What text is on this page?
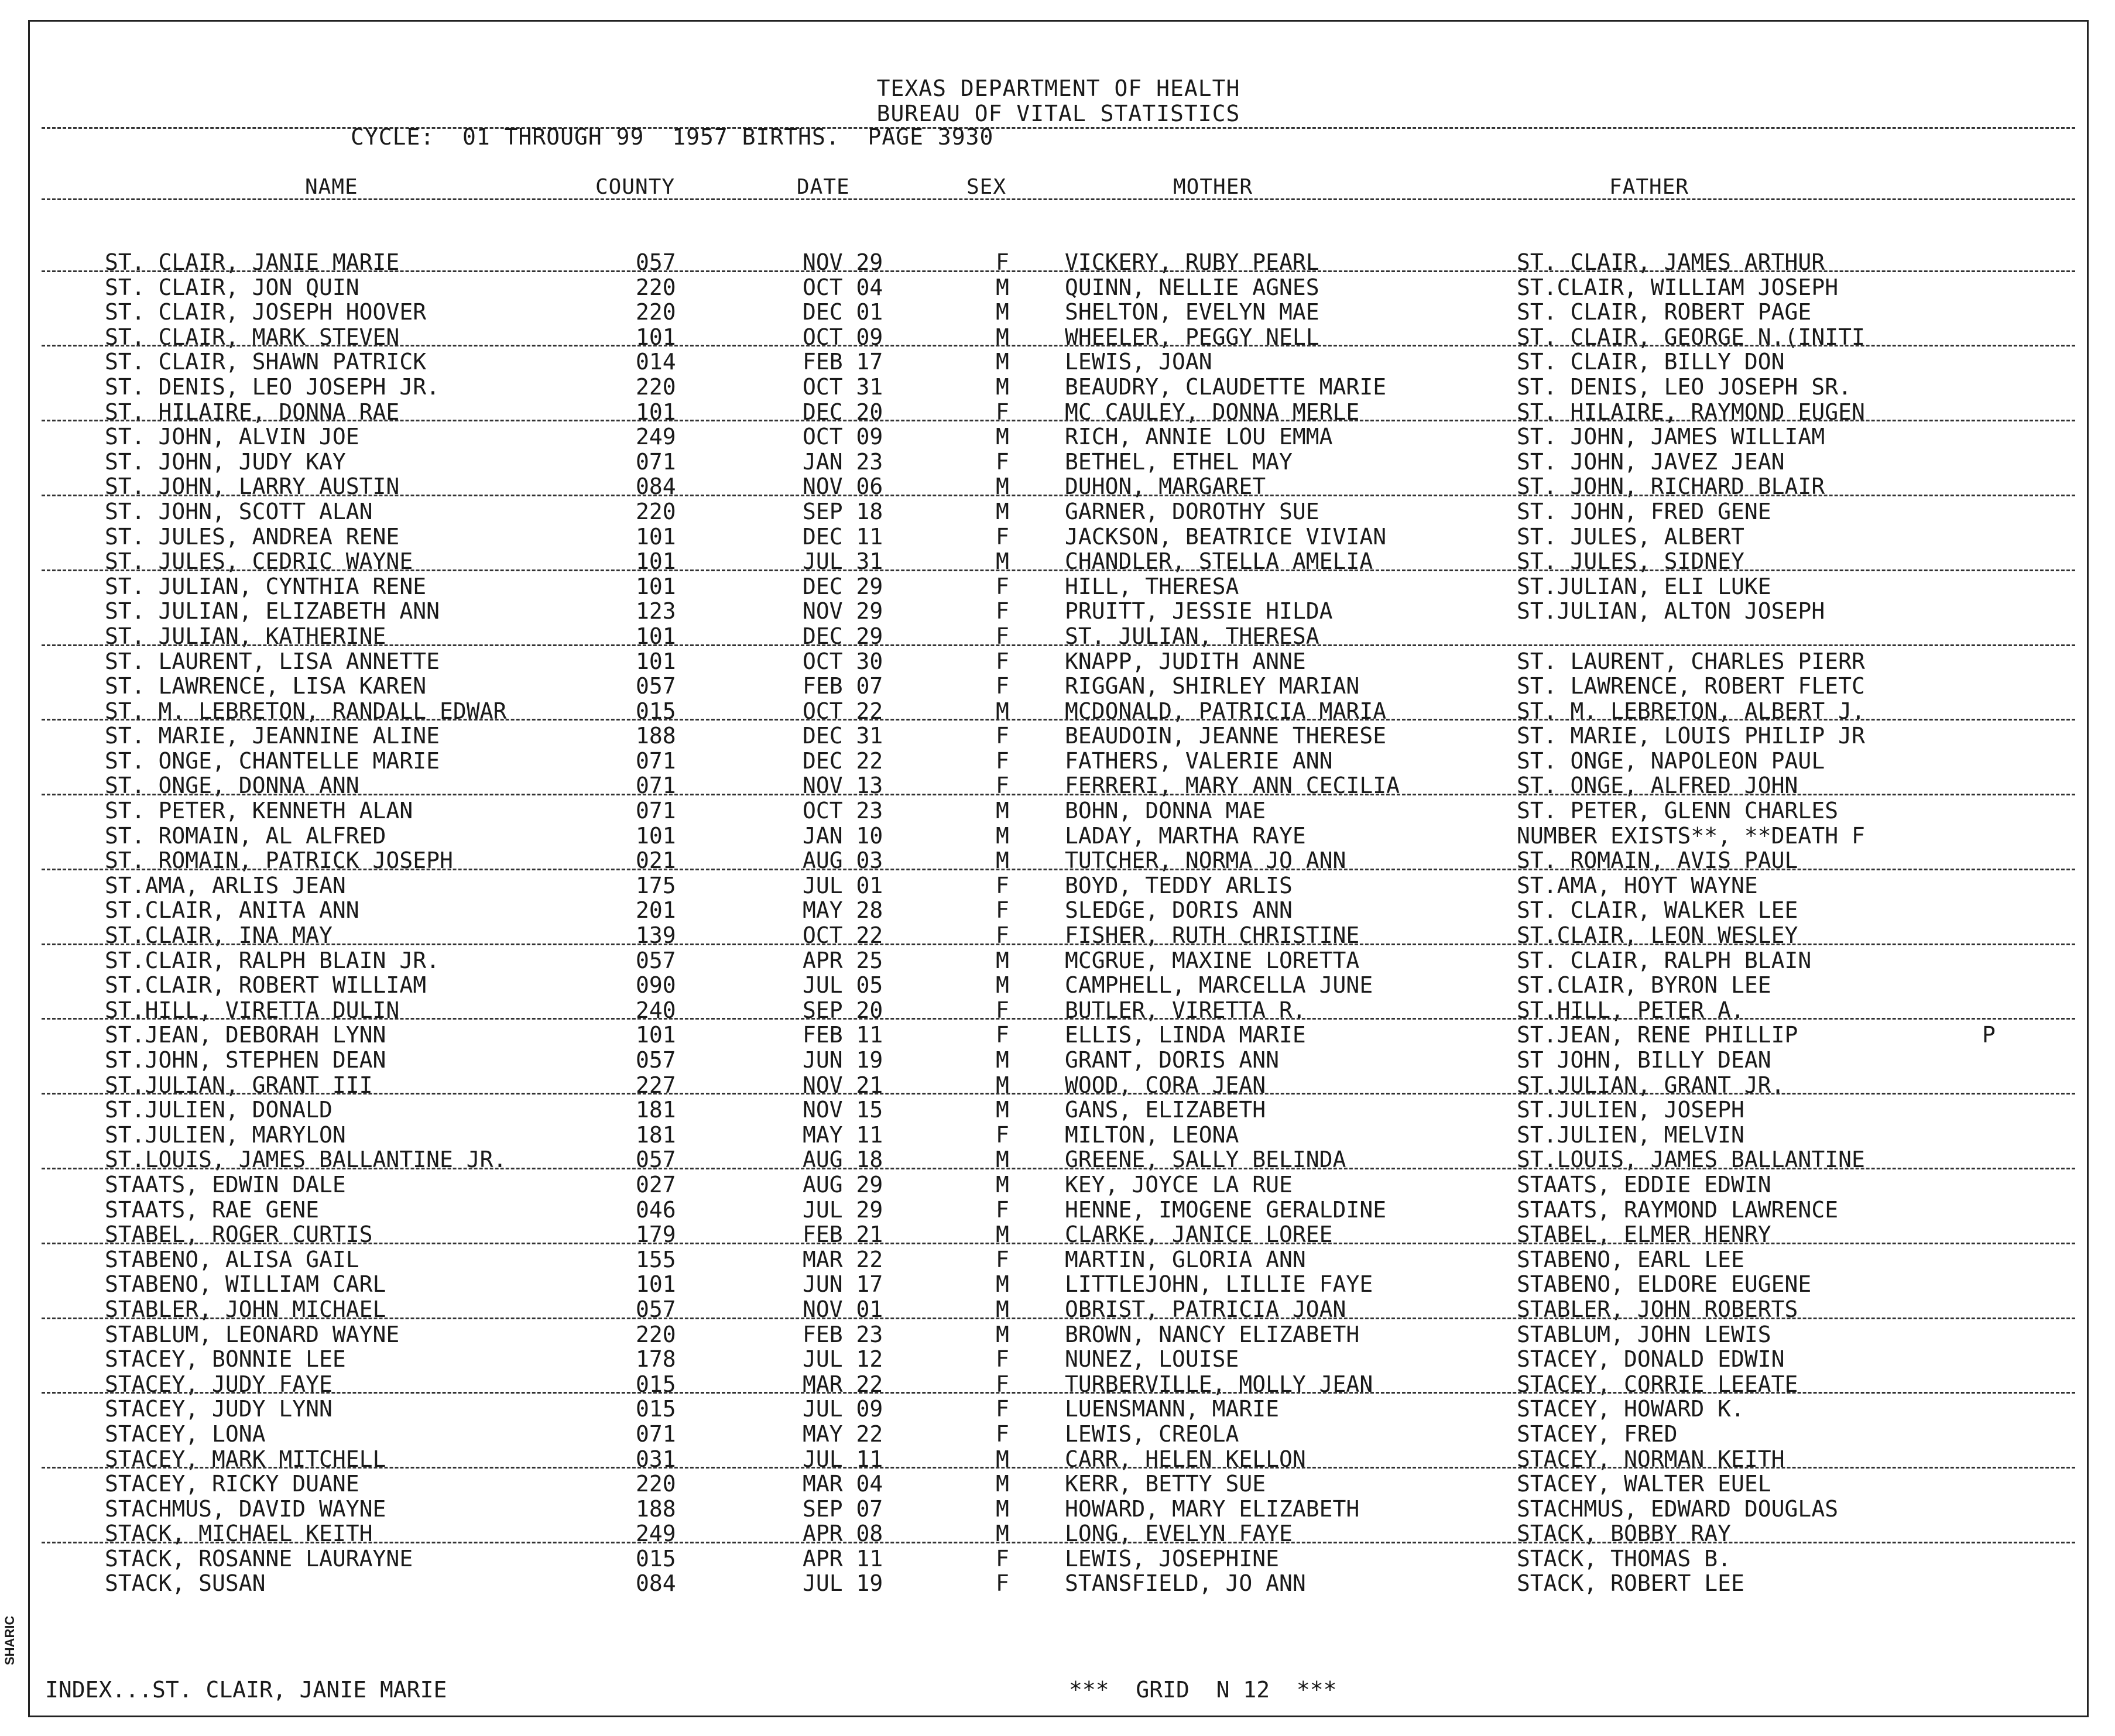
TEXAS DEPARTMENT OF HEALTH
BUREAU OF VITAL STATISTICS
CYCLE:  01 THROUGH 99  1957 BIRTHS.  PAGE 3930
NAME	COUNTY	DATE	SEX	MOTHER	FATHER
ST. CLAIR, JANIE MARIE	057	NOV 29	F	VICKERY, RUBY PEARL	ST. CLAIR, JAMES ARTHUR
ST. CLAIR, JON QUIN	220	OCT 04	M	QUINN, NELLIE AGNES	ST.CLAIR, WILLIAM JOSEPH
ST. CLAIR, JOSEPH HOOVER	220	DEC 01	M	SHELTON, EVELYN MAE	ST. CLAIR, ROBERT PAGE
ST. CLAIR, MARK STEVEN	101	OCT 09	M	WHEELER, PEGGY NELL	ST. CLAIR, GEORGE N.(INITI
ST. CLAIR, SHAWN PATRICK	014	FEB 17	M	LEWIS, JOAN	ST. CLAIR, BILLY DON
ST. DENIS, LEO JOSEPH JR.	220	OCT 31	M	BEAUDRY, CLAUDETTE MARIE	ST. DENIS, LEO JOSEPH SR.
ST. HILAIRE, DONNA RAE	101	DEC 20	F	MC CAULEY, DONNA MERLE	ST. HILAIRE, RAYMOND EUGEN
ST. JOHN, ALVIN JOE	249	OCT 09	M	RICH, ANNIE LOU EMMA	ST. JOHN, JAMES WILLIAM
ST. JOHN, JUDY KAY	071	JAN 23	F	BETHEL, ETHEL MAY	ST. JOHN, JAVEZ JEAN
ST. JOHN, LARRY AUSTIN	084	NOV 06	M	DUHON, MARGARET	ST. JOHN, RICHARD BLAIR
ST. JOHN, SCOTT ALAN	220	SEP 18	M	GARNER, DOROTHY SUE	ST. JOHN, FRED GENE
ST. JULES, ANDREA RENE	101	DEC 11	F	JACKSON, BEATRICE VIVIAN	ST. JULES, ALBERT
ST. JULES, CEDRIC WAYNE	101	JUL 31	M	CHANDLER, STELLA AMELIA	ST. JULES, SIDNEY
ST. JULIAN, CYNTHIA RENE	101	DEC 29	F	HILL, THERESA	ST.JULIAN, ELI LUKE
ST. JULIAN, ELIZABETH ANN	123	NOV 29	F	PRUITT, JESSIE HILDA	ST.JULIAN, ALTON JOSEPH
ST. JULIAN, KATHERINE	101	DEC 29	F	ST. JULIAN, THERESA
ST. LAURENT, LISA ANNETTE	101	OCT 30	F	KNAPP, JUDITH ANNE	ST. LAURENT, CHARLES PIERR
ST. LAWRENCE, LISA KAREN	057	FEB 07	F	RIGGAN, SHIRLEY MARIAN	ST. LAWRENCE, ROBERT FLETC
ST. M. LEBRETON, RANDALL EDWAR	015	OCT 22	M	MCDONALD, PATRICIA MARIA	ST. M. LEBRETON, ALBERT J.
ST. MARIE, JEANNINE ALINE	188	DEC 31	F	BEAUDOIN, JEANNE THERESE	ST. MARIE, LOUIS PHILIP JR
ST. ONGE, CHANTELLE MARIE	071	DEC 22	F	FATHERS, VALERIE ANN	ST. ONGE, NAPOLEON PAUL
ST. ONGE, DONNA ANN	071	NOV 13	F	FERRERI, MARY ANN CECILIA	ST. ONGE, ALFRED JOHN
ST. PETER, KENNETH ALAN	071	OCT 23	M	BOHN, DONNA MAE	ST. PETER, GLENN CHARLES
ST. ROMAIN, AL ALFRED	101	JAN 10	M	LADAY, MARTHA RAYE	NUMBER EXISTS**, **DEATH F
ST. ROMAIN, PATRICK JOSEPH	021	AUG 03	M	TUTCHER, NORMA JO ANN	ST. ROMAIN, AVIS PAUL
ST.AMA, ARLIS JEAN	175	JUL 01	F	BOYD, TEDDY ARLIS	ST.AMA, HOYT WAYNE
ST.CLAIR, ANITA ANN	201	MAY 28	F	SLEDGE, DORIS ANN	ST. CLAIR, WALKER LEE
ST.CLAIR, INA MAY	139	OCT 22	F	FISHER, RUTH CHRISTINE	ST.CLAIR, LEON WESLEY
ST.CLAIR, RALPH BLAIN JR.	057	APR 25	M	MCGRUE, MAXINE LORETTA	ST. CLAIR, RALPH BLAIN
ST.CLAIR, ROBERT WILLIAM	090	JUL 05	M	CAMPHELL, MARCELLA JUNE	ST.CLAIR, BYRON LEE
ST.HILL, VIRETTA DULIN	240	SEP 20	F	BUTLER, VIRETTA R.	ST.HILL, PETER A.
ST.JEAN, DEBORAH LYNN	101	FEB 11	F	ELLIS, LINDA MARIE	ST.JEAN, RENE PHILLIP	P
ST.JOHN, STEPHEN DEAN	057	JUN 19	M	GRANT, DORIS ANN	ST JOHN, BILLY DEAN
ST.JULIAN, GRANT III	227	NOV 21	M	WOOD, CORA JEAN	ST.JULIAN, GRANT JR.
ST.JULIEN, DONALD	181	NOV 15	M	GANS, ELIZABETH	ST.JULIEN, JOSEPH
ST.JULIEN, MARYLON	181	MAY 11	F	MILTON, LEONA	ST.JULIEN, MELVIN
ST.LOUIS, JAMES BALLANTINE JR.	057	AUG 18	M	GREENE, SALLY BELINDA	ST.LOUIS, JAMES BALLANTINE
STAATS, EDWIN DALE	027	AUG 29	M	KEY, JOYCE LA RUE	STAATS, EDDIE EDWIN
STAATS, RAE GENE	046	JUL 29	F	HENNE, IMOGENE GERALDINE	STAATS, RAYMOND LAWRENCE
STABEL, ROGER CURTIS	179	FEB 21	M	CLARKE, JANICE LOREE	STABEL, ELMER HENRY
STABENO, ALISA GAIL	155	MAR 22	F	MARTIN, GLORIA ANN	STABENO, EARL LEE
STABENO, WILLIAM CARL	101	JUN 17	M	LITTLEJOHN, LILLIE FAYE	STABENO, ELDORE EUGENE
STABLER, JOHN MICHAEL	057	NOV 01	M	OBRIST, PATRICIA JOAN	STABLER, JOHN ROBERTS
STABLUM, LEONARD WAYNE	220	FEB 23	M	BROWN, NANCY ELIZABETH	STABLUM, JOHN LEWIS
STACEY, BONNIE LEE	178	JUL 12	F	NUNEZ, LOUISE	STACEY, DONALD EDWIN
STACEY, JUDY FAYE	015	MAR 22	F	TURBERVILLE, MOLLY JEAN	STACEY, CORRIE LEEATE
STACEY, JUDY LYNN	015	JUL 09	F	LUENSMANN, MARIE	STACEY, HOWARD K.
STACEY, LONA	071	MAY 22	F	LEWIS, CREOLA	STACEY, FRED
STACEY, MARK MITCHELL	031	JUL 11	M	CARR, HELEN KELLON	STACEY, NORMAN KEITH
STACEY, RICKY DUANE	220	MAR 04	M	KERR, BETTY SUE	STACEY, WALTER EUEL
STACHMUS, DAVID WAYNE	188	SEP 07	M	HOWARD, MARY ELIZABETH	STACHMUS, EDWARD DOUGLAS
STACK, MICHAEL KEITH	249	APR 08	M	LONG, EVELYN FAYE	STACK, BOBBY RAY
STACK, ROSANNE LAURAYNE	015	APR 11	F	LEWIS, JOSEPHINE	STACK, THOMAS B.
STACK, SUSAN	084	JUL 19	F	STANSFIELD, JO ANN	STACK, ROBERT LEE
INDEX...ST. CLAIR, JANIE MARIE	***  GRID  N 12  ***
SHARIC
